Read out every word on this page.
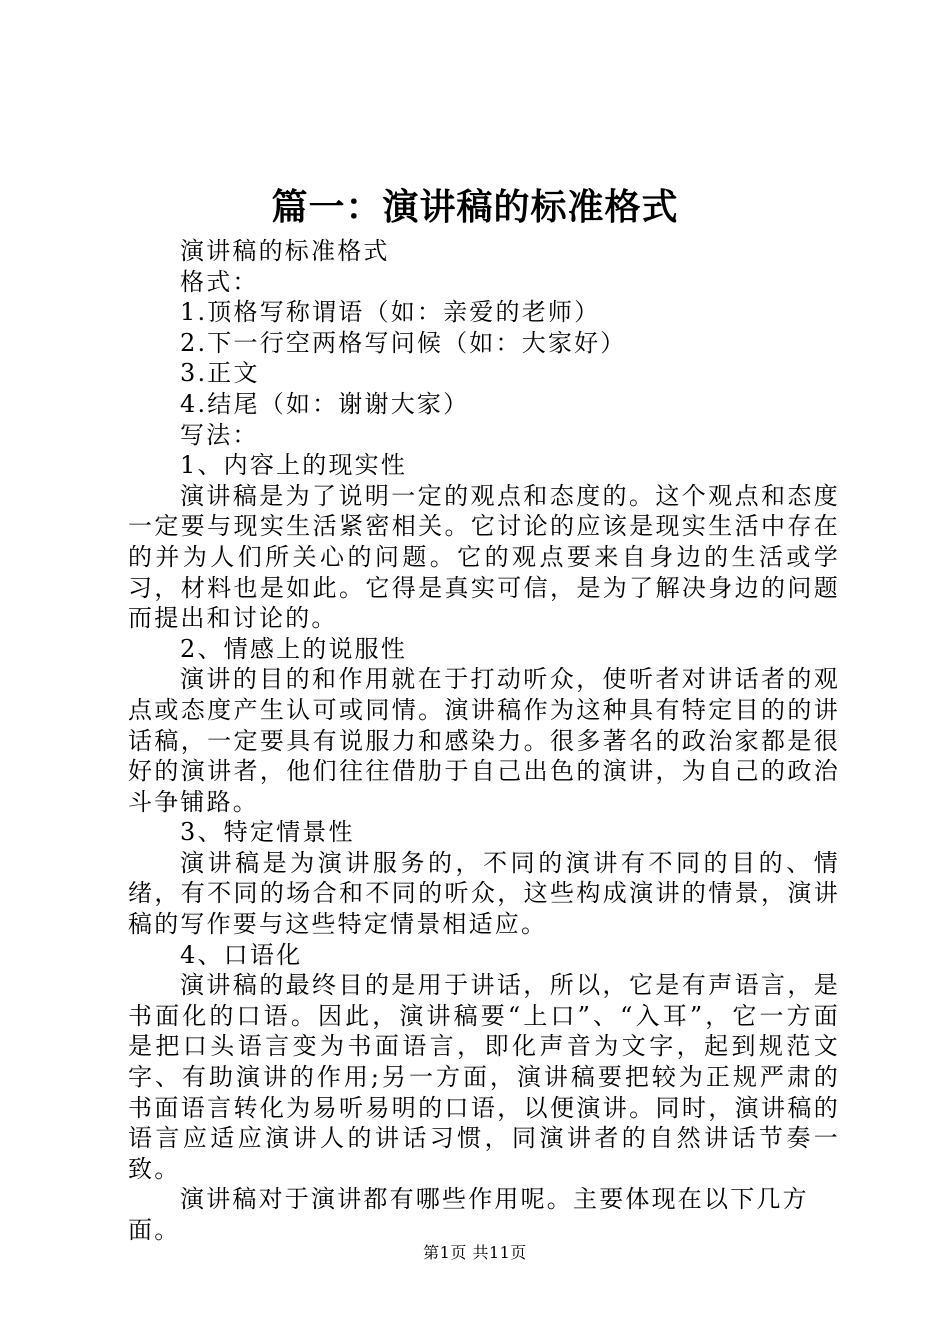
篇一：演讲稿的标准格式

演讲稿的标准格式

格式：

1.顶格写称谓语（如：亲爱的老师）

2.下一行空两格写问候（如：大家好）

3.正文

4.结尾（如：谢谢大家）

写法：

1、内容上的现实性

演讲稿是为了说明一定的观点和态度的。这个观点和态度一定要与现实生活紧密相关。它讨论的应该是现实生活中存在的并为人们所关心的问题。它的观点要来自身边的生活或学习，材料也是如此。它得是真实可信，是为了解决身边的问题而提出和讨论的。

2、情感上的说服性

演讲的目的和作用就在于打动听众，使听者对讲话者的观点或态度产生认可或同情。演讲稿作为这种具有特定目的的讲话稿，一定要具有说服力和感染力。很多著名的政治家都是很好的演讲者，他们往往借肋于自己出色的演讲，为自己的政治斗争铺路。

3、特定情景性

演讲稿是为演讲服务的，不同的演讲有不同的目的、情绪，有不同的场合和不同的听众，这些构成演讲的情景，演讲稿的写作要与这些特定情景相适应。

4、口语化

演讲稿的最终目的是用于讲话，所以，它是有声语言，是书面化的口语。因此，演讲稿要“上口”、“入耳”，它一方面是把口头语言变为书面语言，即化声音为文字，起到规范文字、有助演讲的作用;另一方面，演讲稿要把较为正规严肃的书面语言转化为易听易明的口语，以便演讲。同时，演讲稿的语言应适应演讲人的讲话习惯，同演讲者的自然讲话节奏一致。

演讲稿对于演讲都有哪些作用呢。主要体现在以下几方面。

第1页 共11页
